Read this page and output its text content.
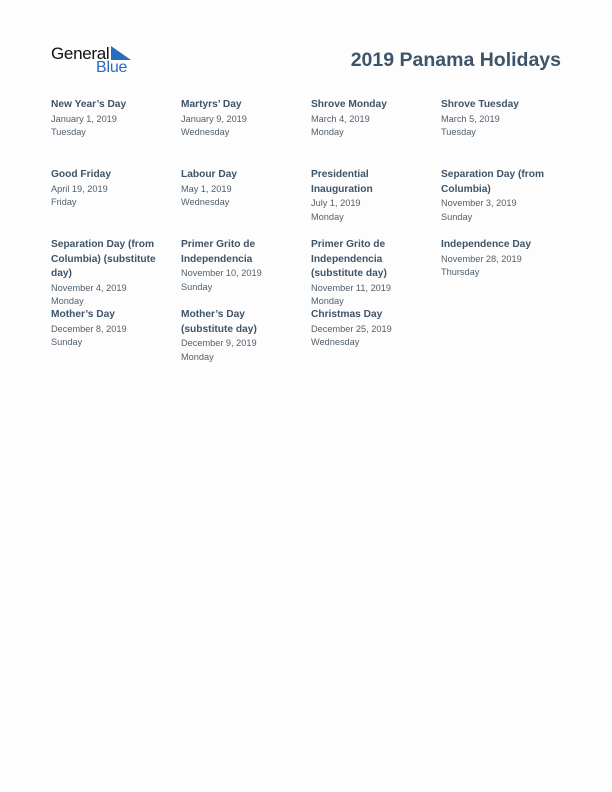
General
Blue	2019 Panama Holidays
New Year’s Day
January 1, 2019
Tuesday
Martyrs’ Day
January 9, 2019
Wednesday
Shrove Monday
March 4, 2019
Monday
Shrove Tuesday
March 5, 2019
Tuesday
Good Friday
April 19, 2019
Friday
Labour Day
May 1, 2019
Wednesday
Presidential Inauguration
July 1, 2019
Monday
Separation Day (from Columbia)
November 3, 2019
Sunday
Separation Day (from Columbia) (substitute day)
November 4, 2019
Monday
Primer Grito de Independencia
November 10, 2019
Sunday
Primer Grito de Independencia (substitute day)
November 11, 2019
Monday
Independence Day
November 28, 2019
Thursday
Mother’s Day
December 8, 2019
Sunday
Mother’s Day (substitute day)
December 9, 2019
Monday
Christmas Day
December 25, 2019
Wednesday
